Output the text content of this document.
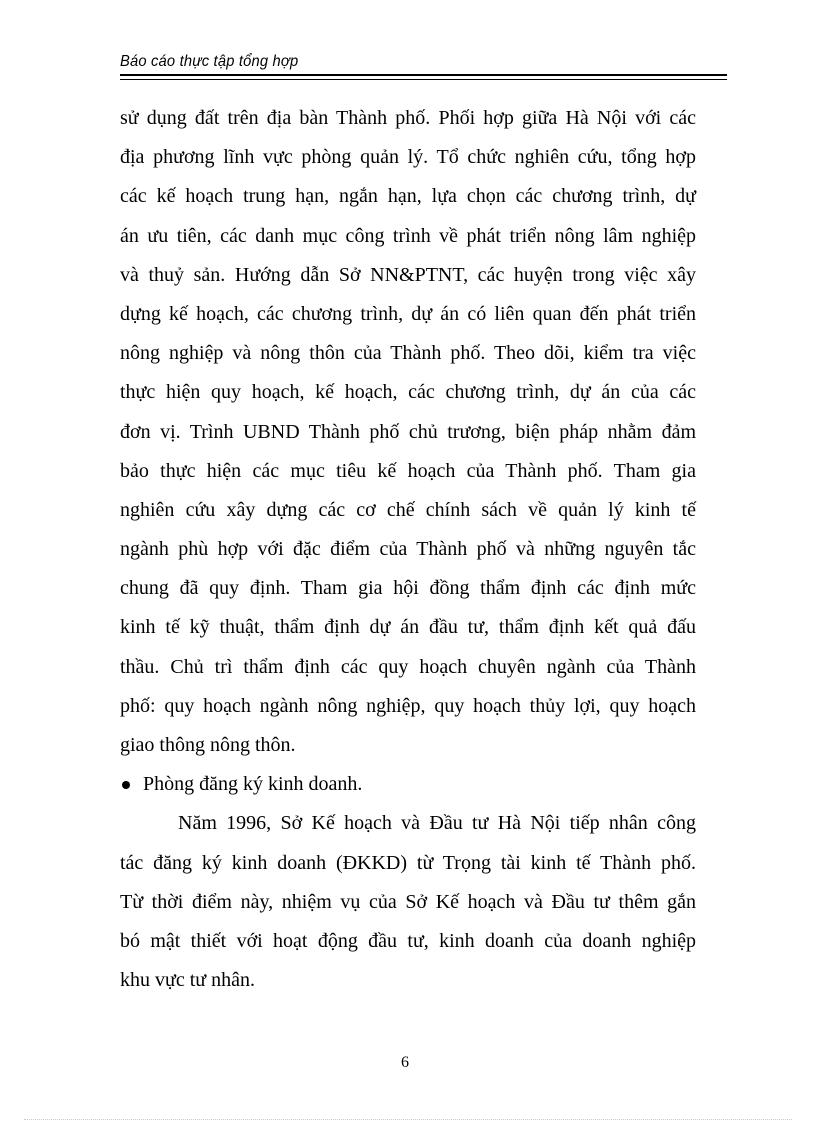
Báo cáo thực tập tổng hợp
sử dụng đất trên địa bàn Thành phố. Phối hợp giữa Hà Nội với các
địa phương lĩnh vực phòng quản lý. Tổ chức nghiên cứu, tổng hợp
các kế hoạch trung hạn, ngắn hạn, lựa chọn các chương trình, dự
án ưu tiên, các danh mục công trình về phát triển nông lâm nghiệp
và thuỷ sản. Hướng dẫn Sở NN&PTNT, các huyện trong việc xây
dựng kế hoạch, các chương trình, dự án có liên quan đến phát triển
nông nghiệp và nông thôn của Thành phố. Theo dõi, kiểm tra việc
thực hiện quy hoạch, kế hoạch, các chương trình, dự án của các
đơn vị. Trình UBND Thành phố chủ trương, biện pháp nhằm đảm
bảo thực hiện các mục tiêu kế hoạch của Thành phố. Tham gia
nghiên cứu xây dựng các cơ chế chính sách về quản lý kinh tế
ngành phù hợp với đặc điểm của Thành phố và những nguyên tắc
chung đã quy định. Tham gia hội đồng thẩm định các định mức
kinh tế kỹ thuật, thẩm định dự án đầu tư, thẩm định kết quả đấu
thầu. Chủ trì thẩm định các quy hoạch chuyên ngành của Thành
phố: quy hoạch ngành nông nghiệp, quy hoạch thủy lợi, quy hoạch
giao thông nông thôn.
Phòng đăng ký kinh doanh.
Năm 1996, Sở Kế hoạch và Đầu tư Hà Nội tiếp nhân công
tác đăng ký kinh doanh (ĐKKD) từ Trọng tài kinh tế Thành phố.
Từ thời điểm này, nhiệm vụ của Sở Kế hoạch và Đầu tư thêm gắn
bó mật thiết với hoạt động đầu tư, kinh doanh của doanh nghiệp
khu vực tư nhân.
6
